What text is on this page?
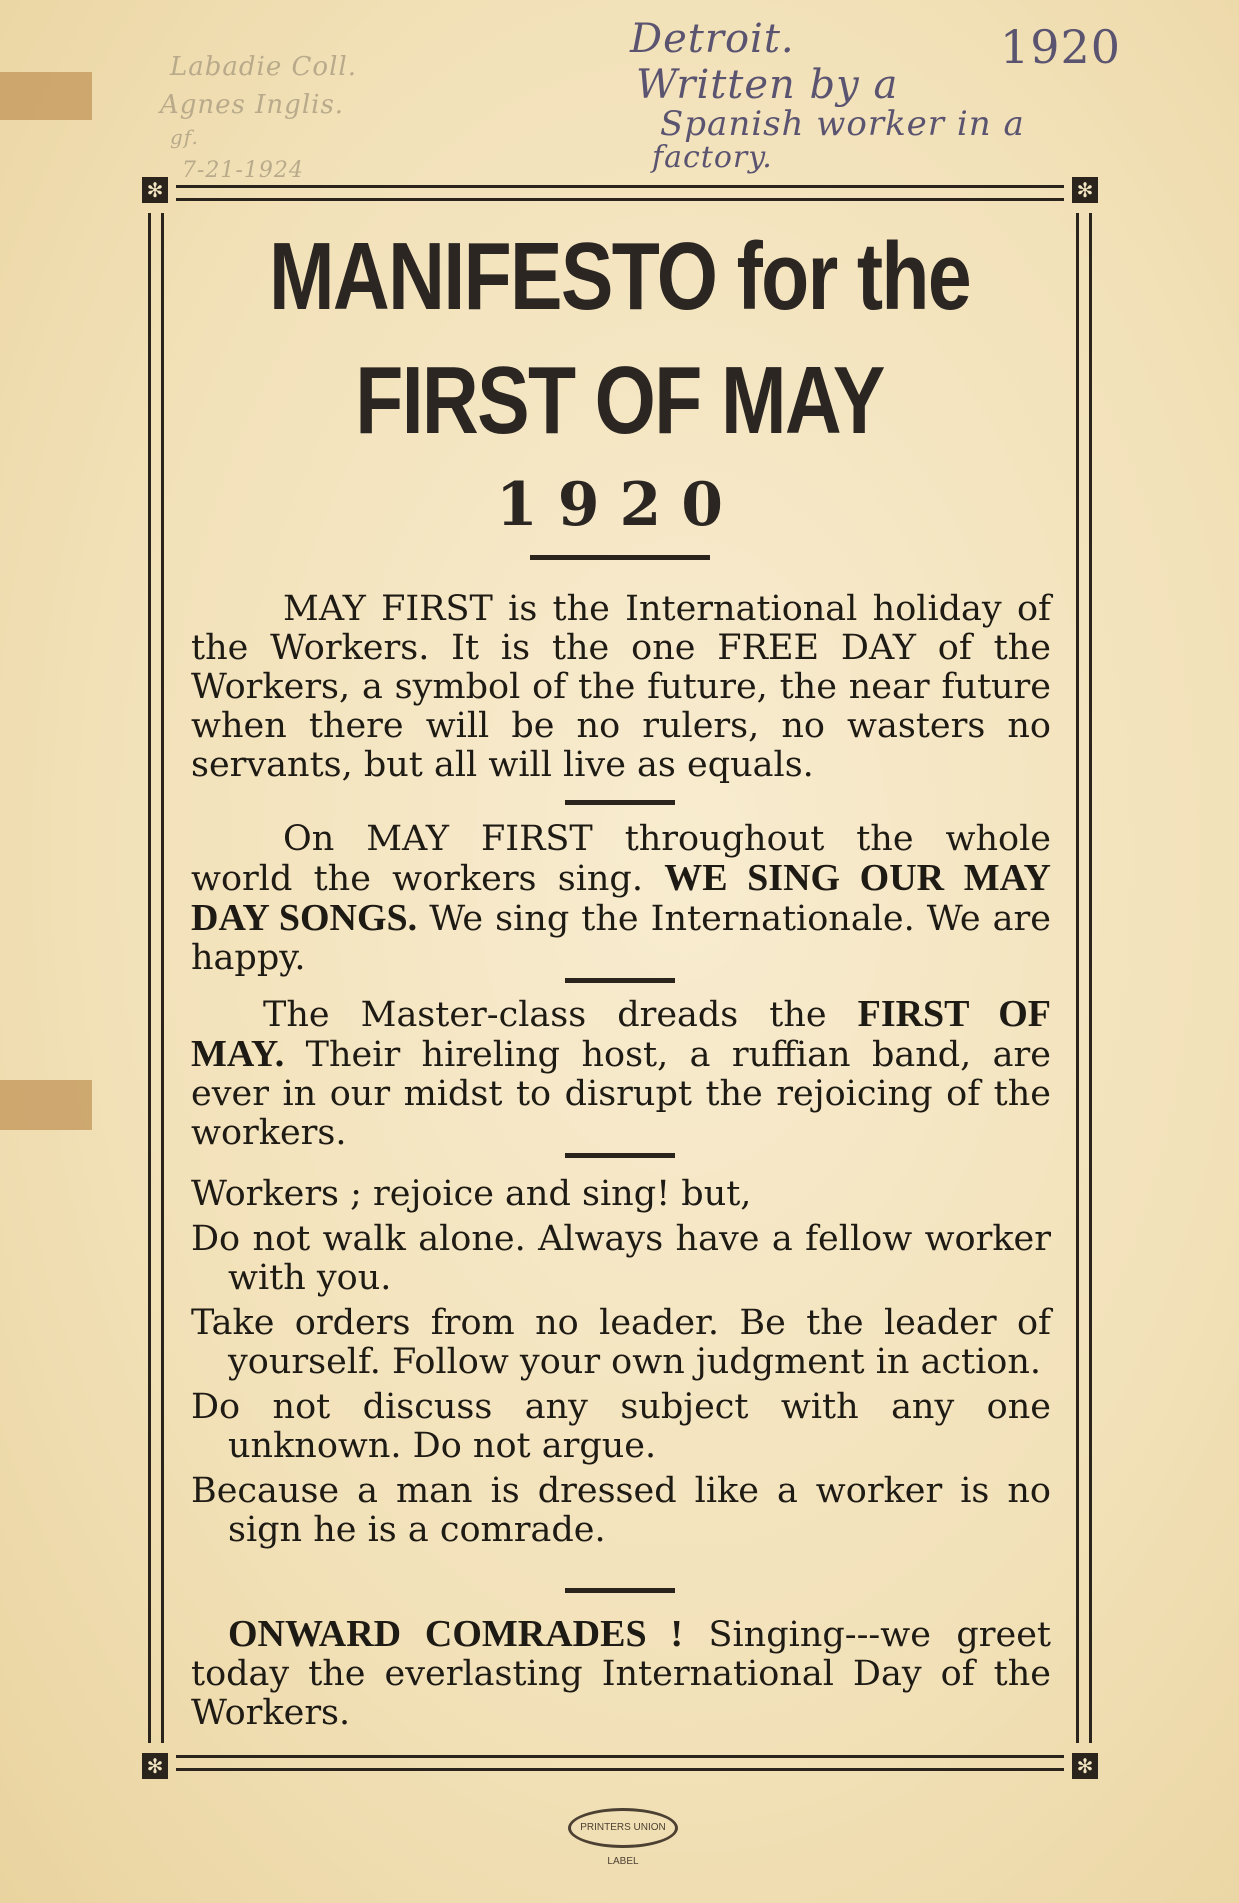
Labadie Coll.
Agnes Inglis.
gf.
7-21-1924
Detroit.	1920
Written by a
Spanish worker in a
factory.
✻	✻
✻	✻
MANIFESTO for the
FIRST OF MAY
1920

MAY FIRST is the International holiday of the Workers. It is the one FREE DAY of the Workers, a symbol of the future, the near future when there will be no rulers, no wasters no servants, but all will live as equals.

On MAY FIRST throughout the whole world the workers sing. WE SING OUR MAY DAY SONGS. We sing the Internationale. We are happy.

The Master-class dreads the FIRST OF MAY. Their hireling host, a ruffian band, are ever in our midst to disrupt the rejoicing of the workers.

Workers ; rejoice and sing! but,

Do not walk alone. Always have a fellow worker with you.

Take orders from no leader. Be the leader of yourself. Follow your own judgment in action.

Do not discuss any subject with any one unknown. Do not argue.

Because a man is dressed like a worker is no sign he is a comrade.

ONWARD COMRADES ! Singing---we greet today the everlasting International Day of the Workers.

PRINTERS UNION LABEL
